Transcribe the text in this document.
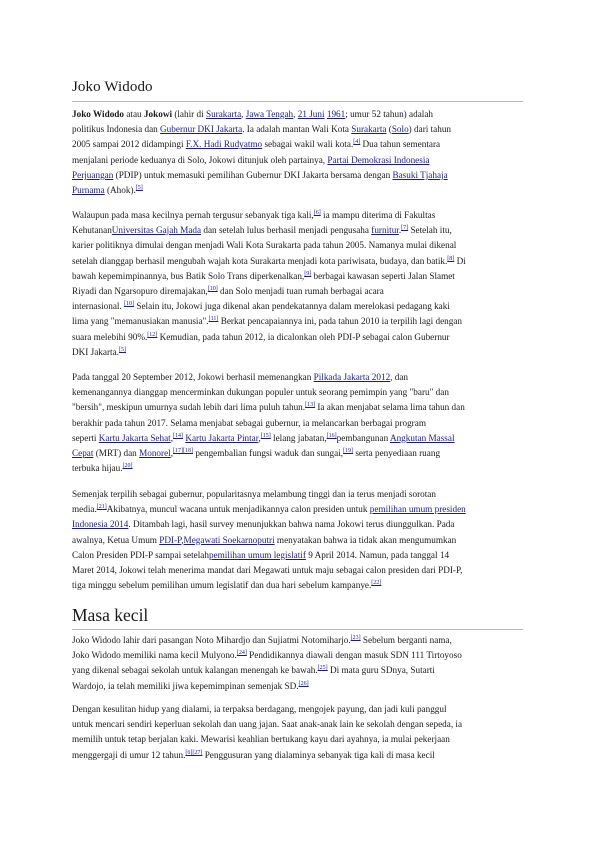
Joko Widodo

Joko Widodo atau Jokowi (lahir di Surakarta, Jawa Tengah, 21 Juni 1961; umur 52 tahun) adalah
politikus Indonesia dan Gubernur DKI Jakarta. Ia adalah mantan Wali Kota Surakarta (Solo) dari tahun
2005 sampai 2012 didampingi F.X. Hadi Rudyatmo sebagai wakil wali kota.[4] Dua tahun sementara
menjalani periode keduanya di Solo, Jokowi ditunjuk oleh partainya, Partai Demokrasi Indonesia
Perjuangan (PDIP) untuk memasuki pemilihan Gubernur DKI Jakarta bersama dengan Basuki Tjahaja
Purnama (Ahok).[5]

Walaupun pada masa kecilnya pernah tergusur sebanyak tiga kali,[6] ia mampu diterima di Fakultas
KehutananUniversitas Gajah Mada dan setelah lulus berhasil menjadi pengusaha furnitur.[7] Setelah itu,
karier politiknya dimulai dengan menjadi Wali Kota Surakarta pada tahun 2005. Namanya mulai dikenal
setelah dianggap berhasil mengubah wajah kota Surakarta menjadi kota pariwisata, budaya, dan batik.[8] Di
bawah kepemimpinannya, bus Batik Solo Trans diperkenalkan,[9] berbagai kawasan seperti Jalan Slamet
Riyadi dan Ngarsopuro diremajakan,[10] dan Solo menjadi tuan rumah berbagai acara
internasional. [10] Selain itu, Jokowi juga dikenal akan pendekatannya dalam merelokasi pedagang kaki
lima yang "memanusiakan manusia".[11] Berkat pencapaiannya ini, pada tahun 2010 ia terpilih lagi dengan
suara melebihi 90%.[12] Kemudian, pada tahun 2012, ia dicalonkan oleh PDI-P sebagai calon Gubernur
DKI Jakarta.[5]

Pada tanggal 20 September 2012, Jokowi berhasil memenangkan Pilkada Jakarta 2012, dan
kemenangannya dianggap mencerminkan dukungan populer untuk seorang pemimpin yang "baru" dan
"bersih", meskipun umurnya sudah lebih dari lima puluh tahun.[13] Ia akan menjabat selama lima tahun dan
berakhir pada tahun 2017. Selama menjabat sebagai gubernur, ia melancarkan berbagai program
seperti Kartu Jakarta Sehat,[14] Kartu Jakarta Pintar,[15] lelang jabatan,[16]pembangunan Angkutan Massal
Cepat (MRT) dan Monorel,[17][18] pengembalian fungsi waduk dan sungai,[19] serta penyediaan ruang
terbuka hijau.[20]

Semenjak terpilih sebagai gubernur, popularitasnya melambung tinggi dan ia terus menjadi sorotan
media.[21]Akibatnya, muncul wacana untuk menjadikannya calon presiden untuk pemilihan umum presiden
Indonesia 2014. Ditambah lagi, hasil survey menunjukkan bahwa nama Jokowi terus diunggulkan. Pada
awalnya, Ketua Umum PDI-P,Megawati Soekarnoputri menyatakan bahwa ia tidak akan mengumumkan
Calon Presiden PDI-P sampai setelahpemilihan umum legislatif 9 April 2014. Namun, pada tanggal 14
Maret 2014, Jokowi telah menerima mandat dari Megawati untuk maju sebagai calon presiden dari PDI-P,
tiga minggu sebelum pemilihan umum legislatif dan dua hari sebelum kampanye.[22]

Masa kecil

Joko Widodo lahir dari pasangan Noto Mihardjo dan Sujiatmi Notomiharjo.[23] Sebelum berganti nama,
Joko Widodo memiliki nama kecil Mulyono.[24] Pendidikannya diawali dengan masuk SDN 111 Tirtoyoso
yang dikenal sebagai sekolah untuk kalangan menengah ke bawah.[25] Di mata guru SDnya, Sutarti
Wardojo, ia telah memiliki jiwa kepemimpinan semenjak SD.[26]

Dengan kesulitan hidup yang dialami, ia terpaksa berdagang, mengojek payung, dan jadi kuli panggul
untuk mencari sendiri keperluan sekolah dan uang jajan. Saat anak-anak lain ke sekolah dengan sepeda, ia
memilih untuk tetap berjalan kaki. Mewarisi keahlian bertukang kayu dari ayahnya, ia mulai pekerjaan
menggergaji di umur 12 tahun.[6][27] Penggusuran yang dialaminya sebanyak tiga kali di masa kecil
